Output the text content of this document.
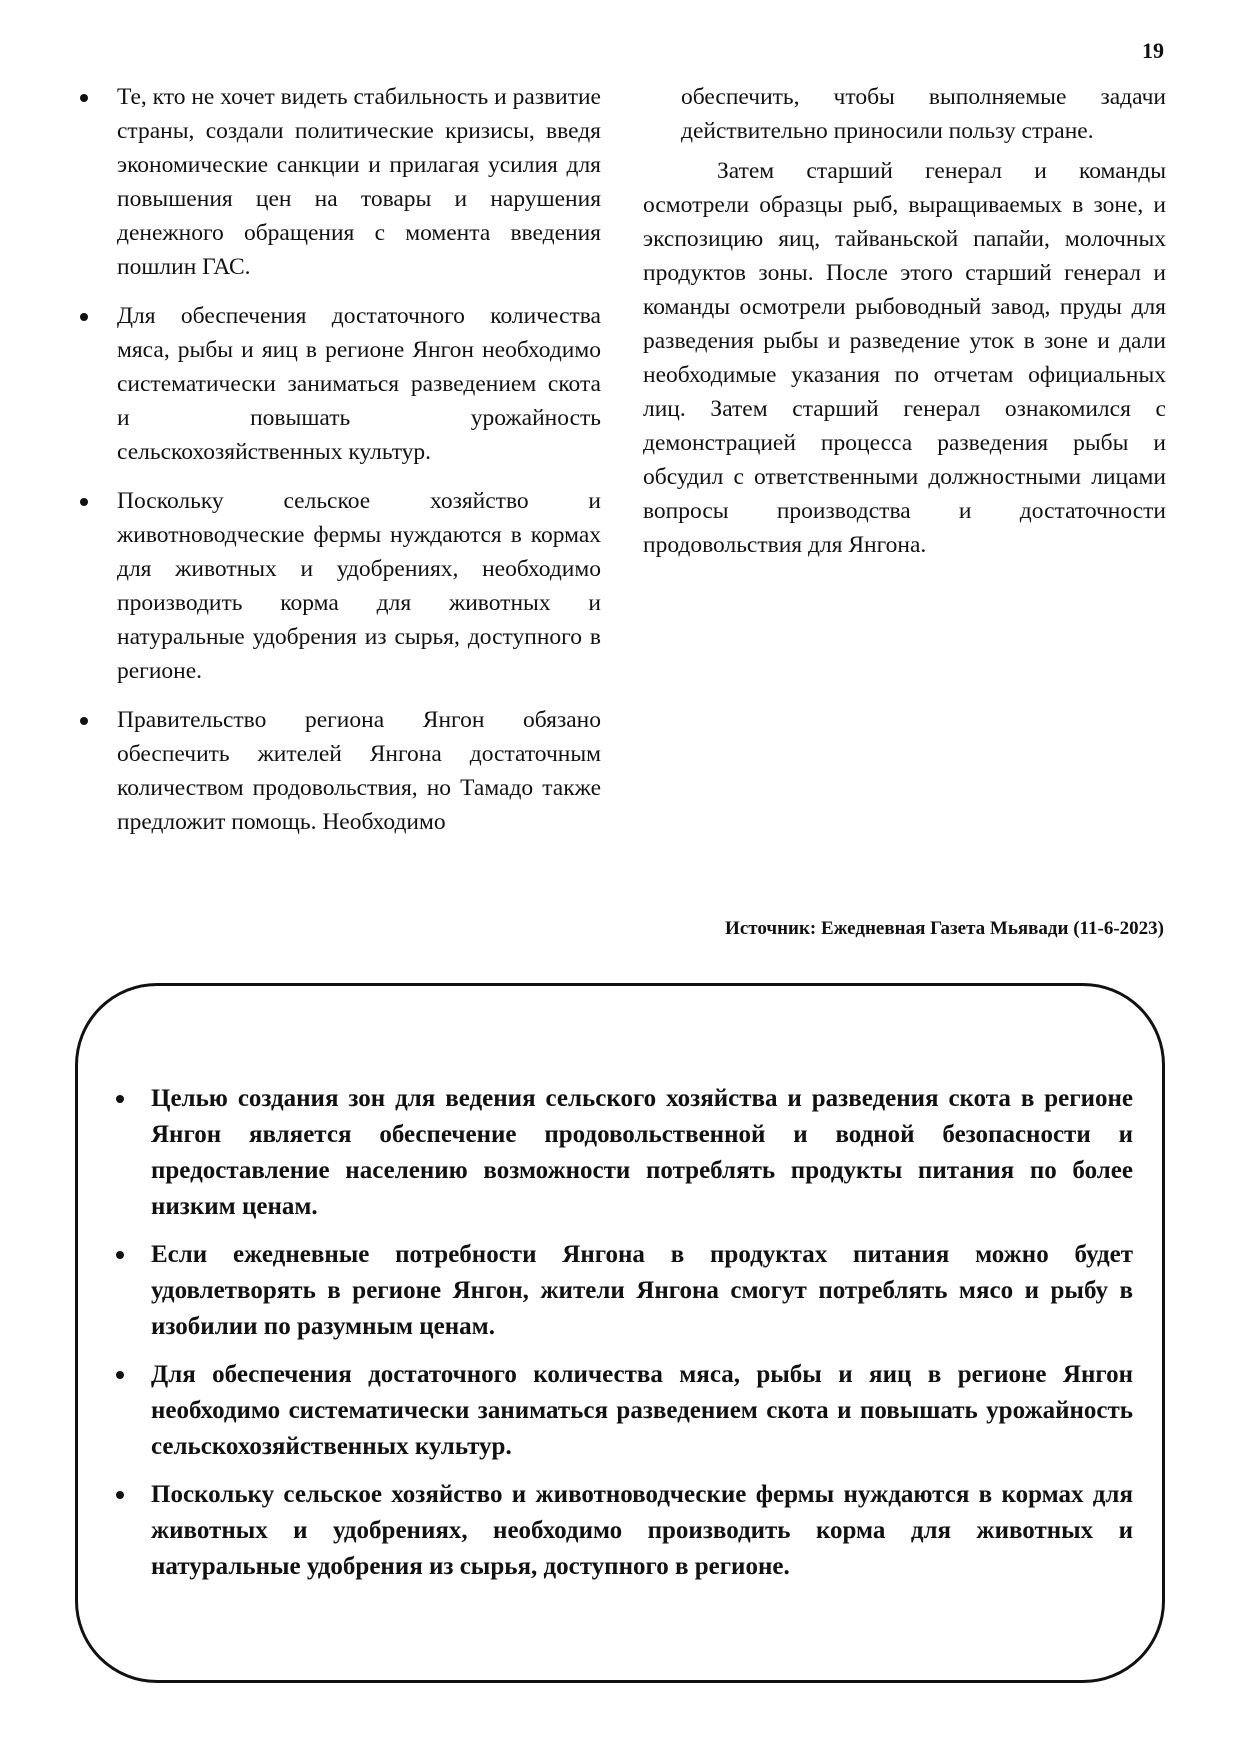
19
Те, кто не хочет видеть стабильность и развитие страны, создали политические кризисы, введя экономические санкции и прилагая усилия для повышения цен на товары и нарушения денежного обращения с момента введения пошлин ГАС.
Для обеспечения достаточного количества мяса, рыбы и яиц в регионе Янгон необходимо систематически заниматься разведением скота и повышать урожайность сельскохозяйственных культур.
Поскольку сельское хозяйство и животноводческие фермы нуждаются в кормах для животных и удобрениях, необходимо производить корма для животных и натуральные удобрения из сырья, доступного в регионе.
Правительство региона Янгон обязано обеспечить жителей Янгона достаточным количеством продовольствия, но Тамадо также предложит помощь. Необходимо

обеспечить, чтобы выполняемые задачи действительно приносили пользу стране.

Затем старший генерал и команды осмотрели образцы рыб, выращиваемых в зоне, и экспозицию яиц, тайваньской папайи, молочных продуктов зоны. После этого старший генерал и команды осмотрели рыбоводный завод, пруды для разведения рыбы и разведение уток в зоне и дали необходимые указания по отчетам официальных лиц. Затем старший генерал ознакомился с демонстрацией процесса разведения рыбы и обсудил с ответственными должностными лицами вопросы производства и достаточности продовольствия для Янгона.

Источник: Ежедневная Газета Мьявади (11-6-2023)
Целью создания зон для ведения сельского хозяйства и разведения скота в регионе Янгон является обеспечение продовольственной и водной безопасности и предоставление населению возможности потреблять продукты питания по более низким ценам.
Если ежедневные потребности Янгона в продуктах питания можно будет удовлетворять в регионе Янгон, жители Янгона смогут потреблять мясо и рыбу в изобилии по разумным ценам.
Для обеспечения достаточного количества мяса, рыбы и яиц в регионе Янгон необходимо систематически заниматься разведением скота и повышать урожайность сельскохозяйственных культур.
Поскольку сельское хозяйство и животноводческие фермы нуждаются в кормах для животных и удобрениях, необходимо производить корма для животных и натуральные удобрения из сырья, доступного в регионе.
